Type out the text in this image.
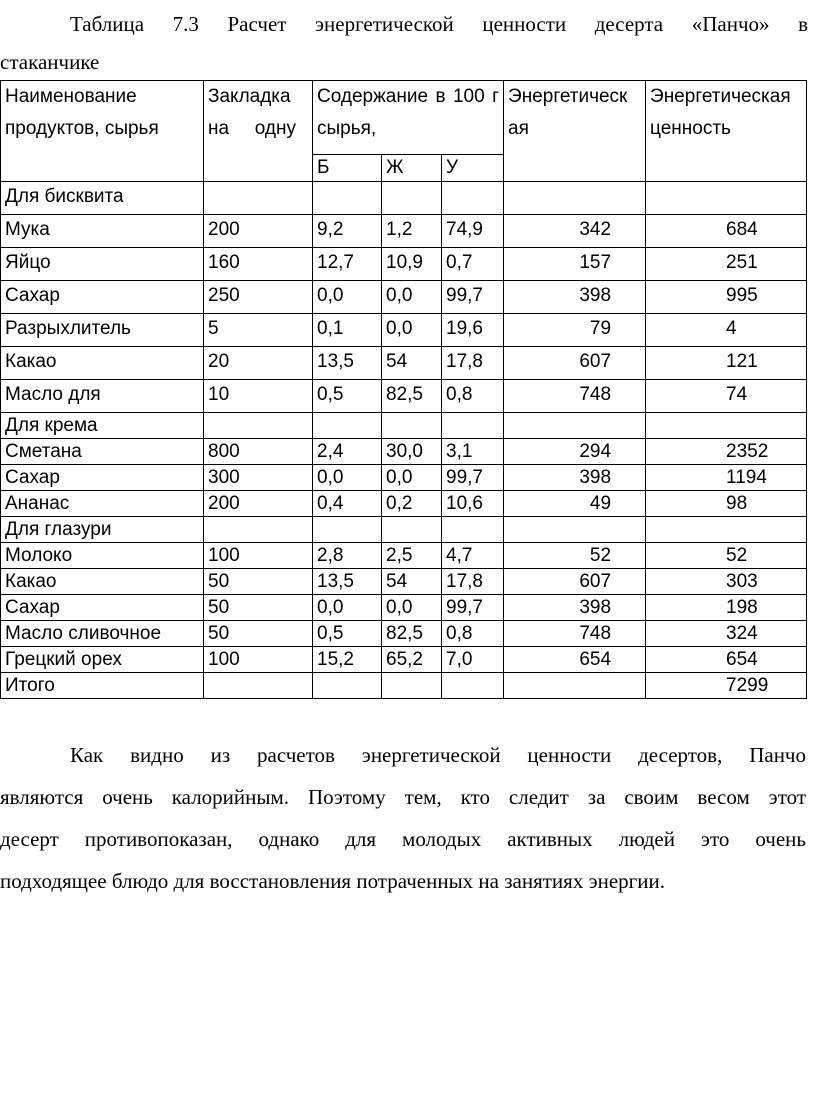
Таблица 7.3 Расчет энергетической ценности десерта «Панчо» в
стаканчике
Наименование продуктов, сырья	Закладка на одну	Содержание в 100 г сырья,			Энергетическая	Энергетическая ценность

		Б	Ж	У		
Для бисквита						
Мука	200	9,2	1,2	74,9	342	684
Яйцо	160	12,7	10,9	0,7	157	251
Сахар	250	0,0	0,0	99,7	398	995
Разрыхлитель	5	0,1	0,0	19,6	79	4
Какао	20	13,5	54	17,8	607	121
Масло для	10	0,5	82,5	0,8	748	74
Для крема						
Сметана	800	2,4	30,0	3,1	294	2352
Сахар	300	0,0	0,0	99,7	398	1194
Ананас	200	0,4	0,2	10,6	49	98
Для глазури						
Молоко	100	2,8	2,5	4,7	52	52
Какао	50	13,5	54	17,8	607	303
Сахар	50	0,0	0,0	99,7	398	198
Масло сливочное	50	0,5	82,5	0,8	748	324
Грецкий орех	100	15,2	65,2	7,0	654	654
Итого						7299
Как видно из расчетов энергетической ценности десертов, Панчо
являются очень калорийным. Поэтому тем, кто следит за своим весом этот
десерт противопоказан, однако для молодых активных людей это очень
подходящее блюдо для восстановления потраченных на занятиях энергии.
